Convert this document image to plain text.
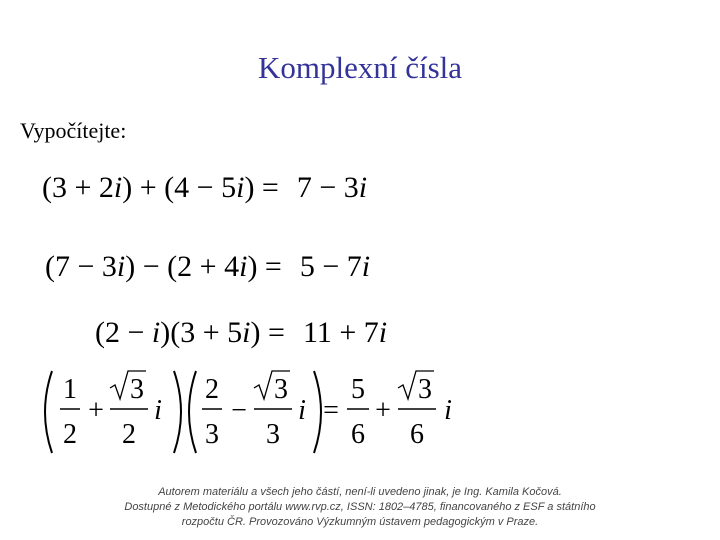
Komplexní čísla
Vypočítejte:
(3 + 2i) + (4 − 5i) = 7 − 3i
(7 − 3i) − (2 + 4i) = 5 − 7i
(2 − i)(3 + 5i) = 11 + 7i
1
2
+
3
2
i
2
3
−
3
3
i =
5
6
+
3
6
i
Autorem materiálu a všech jeho částí, není-li uvedeno jinak, je Ing. Kamila Kočová.
Dostupné z Metodického portálu www.rvp.cz, ISSN: 1802–4785, financovaného z ESF a státního
rozpočtu ČR. Provozováno Výzkumným ústavem pedagogickým v Praze.
